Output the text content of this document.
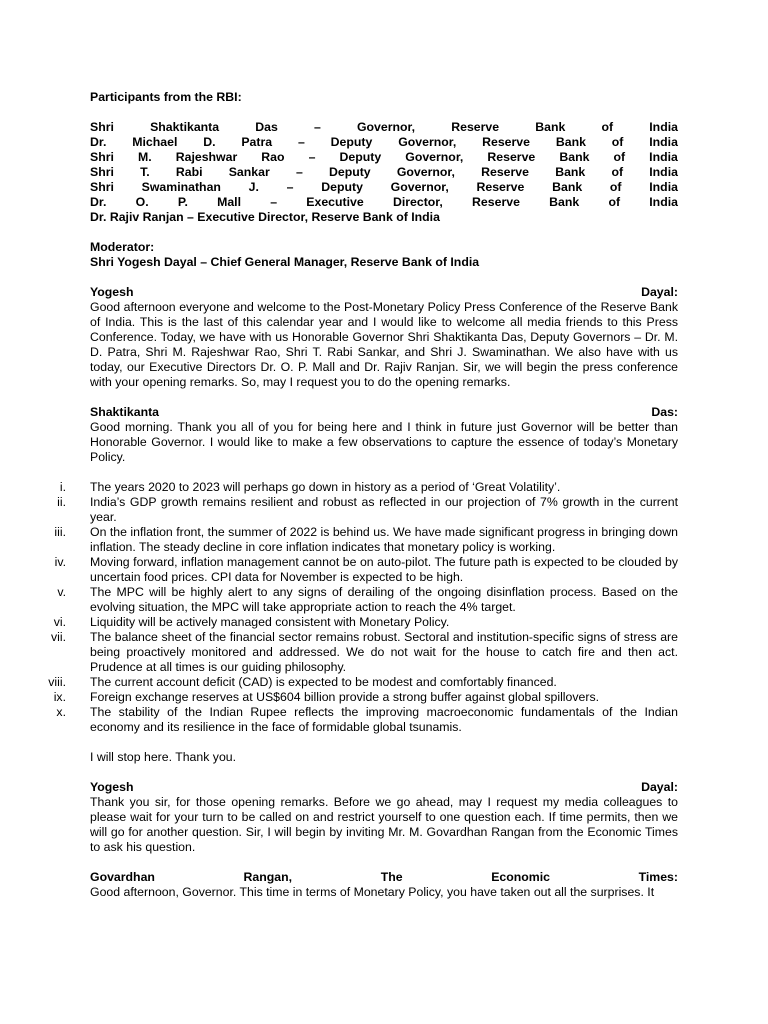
Participants from the RBI:

Shri	Shaktikanta	Das	–	Governor,	Reserve	Bank	of	India
Dr. Michael D. Patra – Deputy Governor, Reserve Bank of India
Shri M. Rajeshwar Rao – Deputy Governor, Reserve Bank of India
Shri T. Rabi Sankar – Deputy Governor, Reserve Bank of India
Shri Swaminathan J. – Deputy Governor, Reserve Bank of India
Dr. O. P. Mall – Executive Director, Reserve Bank of India

Dr. Rajiv Ranjan – Executive Director, Reserve Bank of India

Moderator:

Shri Yogesh Dayal – Chief General Manager, Reserve Bank of India

Yogesh	Dayal:

Good afternoon everyone and welcome to the Post-Monetary Policy Press Conference of the Reserve Bank of India. This is the last of this calendar year and I would like to welcome all media friends to this Press Conference. Today, we have with us Honorable Governor Shri Shaktikanta Das, Deputy Governors – Dr. M. D. Patra, Shri M. Rajeshwar Rao, Shri T. Rabi Sankar, and Shri J. Swaminathan. We also have with us today, our Executive Directors Dr. O. P. Mall and Dr. Rajiv Ranjan. Sir, we will begin the press conference with your opening remarks. So, may I request you to do the opening remarks.

Shaktikanta	Das:

Good morning. Thank you all of you for being here and I think in future just Governor will be better than Honorable Governor. I would like to make a few observations to capture the essence of today’s Monetary Policy.

i. The years 2020 to 2023 will perhaps go down in history as a period of ‘Great Volatility’.
ii. India’s GDP growth remains resilient and robust as reflected in our projection of 7% growth in the current year.
iii. On the inflation front, the summer of 2022 is behind us. We have made significant progress in bringing down inflation. The steady decline in core inflation indicates that monetary policy is working.
iv. Moving forward, inflation management cannot be on auto-pilot. The future path is expected to be clouded by uncertain food prices. CPI data for November is expected to be high.
v. The MPC will be highly alert to any signs of derailing of the ongoing disinflation process. Based on the evolving situation, the MPC will take appropriate action to reach the 4% target.
vi. Liquidity will be actively managed consistent with Monetary Policy.
vii. The balance sheet of the financial sector remains robust. Sectoral and institution-specific signs of stress are being proactively monitored and addressed. We do not wait for the house to catch fire and then act. Prudence at all times is our guiding philosophy.
viii. The current account deficit (CAD) is expected to be modest and comfortably financed.
ix. Foreign exchange reserves at US$604 billion provide a strong buffer against global spillovers.
x. The stability of the Indian Rupee reflects the improving macroeconomic fundamentals of the Indian economy and its resilience in the face of formidable global tsunamis.

I will stop here. Thank you.

Yogesh	Dayal:

Thank you sir, for those opening remarks. Before we go ahead, may I request my media colleagues to please wait for your turn to be called on and restrict yourself to one question each. If time permits, then we will go for another question. Sir, I will begin by inviting Mr. M. Govardhan Rangan from the Economic Times to ask his question.

Govardhan	Rangan,	The	Economic	Times:

Good afternoon, Governor. This time in terms of Monetary Policy, you have taken out all the surprises. It
